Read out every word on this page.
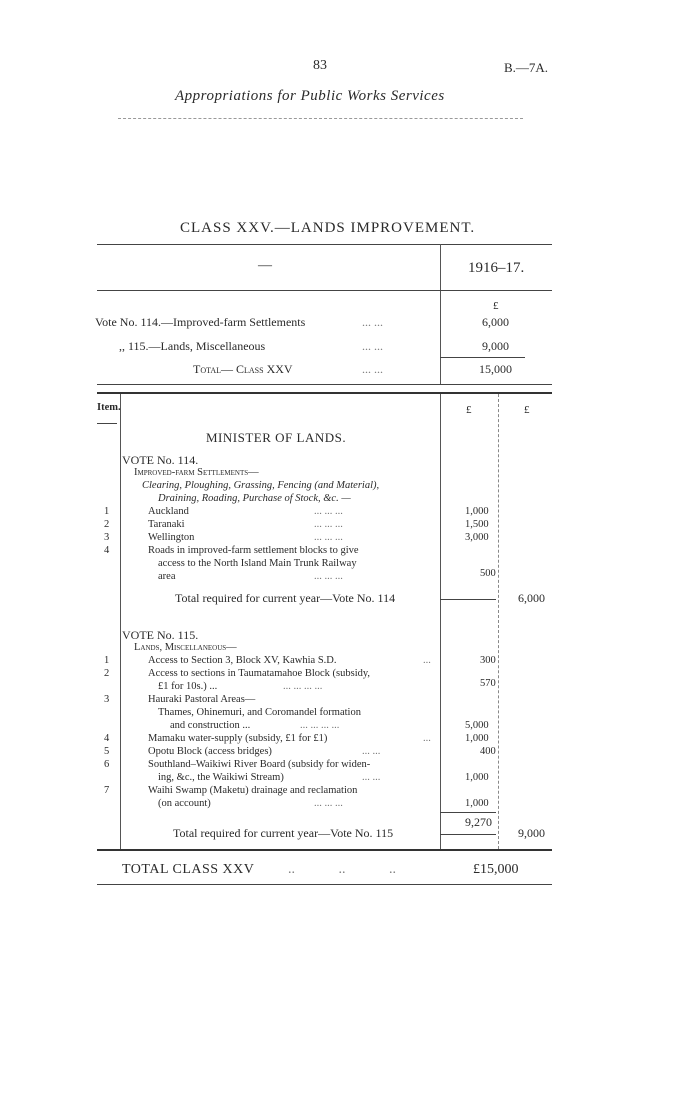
83	B.—7A.
Appropriations for Public Works Services
CLASS XXV.—LANDS IMPROVEMENT.
—	1916–17.
£
Vote No. 114.—Improved-farm Settlements	... ...	6,000
,, 115.—Lands, Miscellaneous	... ...	9,000
Total— Class XXV	... ...	15,000
Item.	£	£
MINISTER OF LANDS.
VOTE No. 114.
Improved-farm Settlements—
Clearing, Ploughing, Grassing, Fencing (and Material),
Draining, Roading, Purchase of Stock, &c. —
1	Auckland	... ... ...	1,000
2	Taranaki	... ... ...	1,500
3	Wellington	... ... ...	3,000
4	Roads in improved-farm settlement blocks to give
access to the North Island Main Trunk Railway
area	... ... ...	500
Total required for current year—Vote No. 114	6,000
VOTE No. 115.
Lands, Miscellaneous—
1	Access to Section 3, Block XV, Kawhia S.D.	...	300
2	Access to sections in Taumatamahoe Block (subsidy,
£1 for 10s.) ...	... ... ... ...	570
3	Hauraki Pastoral Areas—
Thames, Ohinemuri, and Coromandel formation
and construction ...	... ... ... ...	5,000
4	Mamaku water-supply (subsidy, £1 for £1)	...	1,000
5	Opotu Block (access bridges)	... ...	400
6	Southland–Waikiwi River Board (subsidy for widen-
ing, &c., the Waikiwi Stream)	... ...	1,000
7	Waihi Swamp (Maketu) drainage and reclamation
(on account)	... ... ...	1,000
9,270
Total required for current year—Vote No. 115	9,000
TOTAL CLASS XXV .. .. ..	£15,000
